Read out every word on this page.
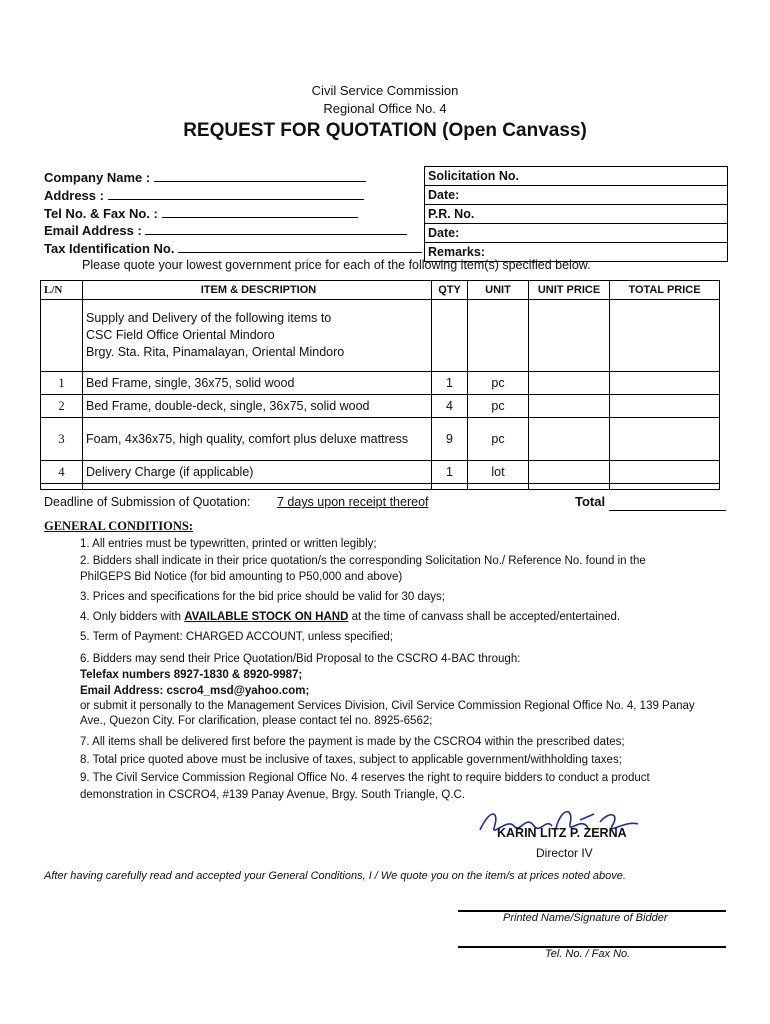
Civil Service Commission
Regional Office No. 4
REQUEST FOR QUOTATION (Open Canvass)
Company Name :
Address :
Tel No. & Fax No. :
Email Address :
Tax Identification No.
Solicitation No.
Date:
P.R. No.
Date:
Remarks:
Please quote your lowest government price for each of the following item(s) specified below.
L/N	ITEM & DESCRIPTION	QTY	UNIT	UNIT PRICE	TOTAL PRICE

	Supply and Delivery of the following items to
CSC Field Office Oriental Mindoro
Brgy. Sta. Rita, Pinamalayan, Oriental Mindoro				

1	Bed Frame, single, 36x75, solid wood	1	pc		
2	Bed Frame, double-deck, single, 36x75, solid wood	4	pc		
3	Foam, 4x36x75, high quality, comfort plus deluxe mattress	9	pc		
4	Delivery Charge (if applicable)	1	lot		

Deadline of Submission of Quotation: 7 days upon receipt thereof	Total
GENERAL CONDITIONS:
1. All entries must be typewritten, printed or written legibly;
2. Bidders shall indicate in their price quotation/s the corresponding Solicitation No./ Reference No. found in the
PhilGEPS Bid Notice (for bid amounting to P50,000 and above)
3. Prices and specifications for the bid price should be valid for 30 days;
4. Only bidders with AVAILABLE STOCK ON HAND at the time of canvass shall be accepted/entertained.
5. Term of Payment: CHARGED ACCOUNT, unless specified;
6. Bidders may send their Price Quotation/Bid Proposal to the CSCRO 4-BAC through:
Telefax numbers 8927-1830 & 8920-9987;
Email Address: cscro4_msd@yahoo.com;
or submit it personally to the Management Services Division, Civil Service Commission Regional Office No. 4, 139 Panay
Ave., Quezon City. For clarification, please contact tel no. 8925-6562;
7. All items shall be delivered first before the payment is made by the CSCRO4 within the prescribed dates;
8. Total price quoted above must be inclusive of taxes, subject to applicable government/withholding taxes;
9. The Civil Service Commission Regional Office No. 4 reserves the right to require bidders to conduct a product
demonstration in CSCRO4, #139 Panay Avenue, Brgy. South Triangle, Q.C.
KARIN LITZ P. ZERNA
Director IV
After having carefully read and accepted your General Conditions, I / We quote you on the item/s at prices noted above.
Printed Name/Signature of Bidder
Tel. No. / Fax No.
